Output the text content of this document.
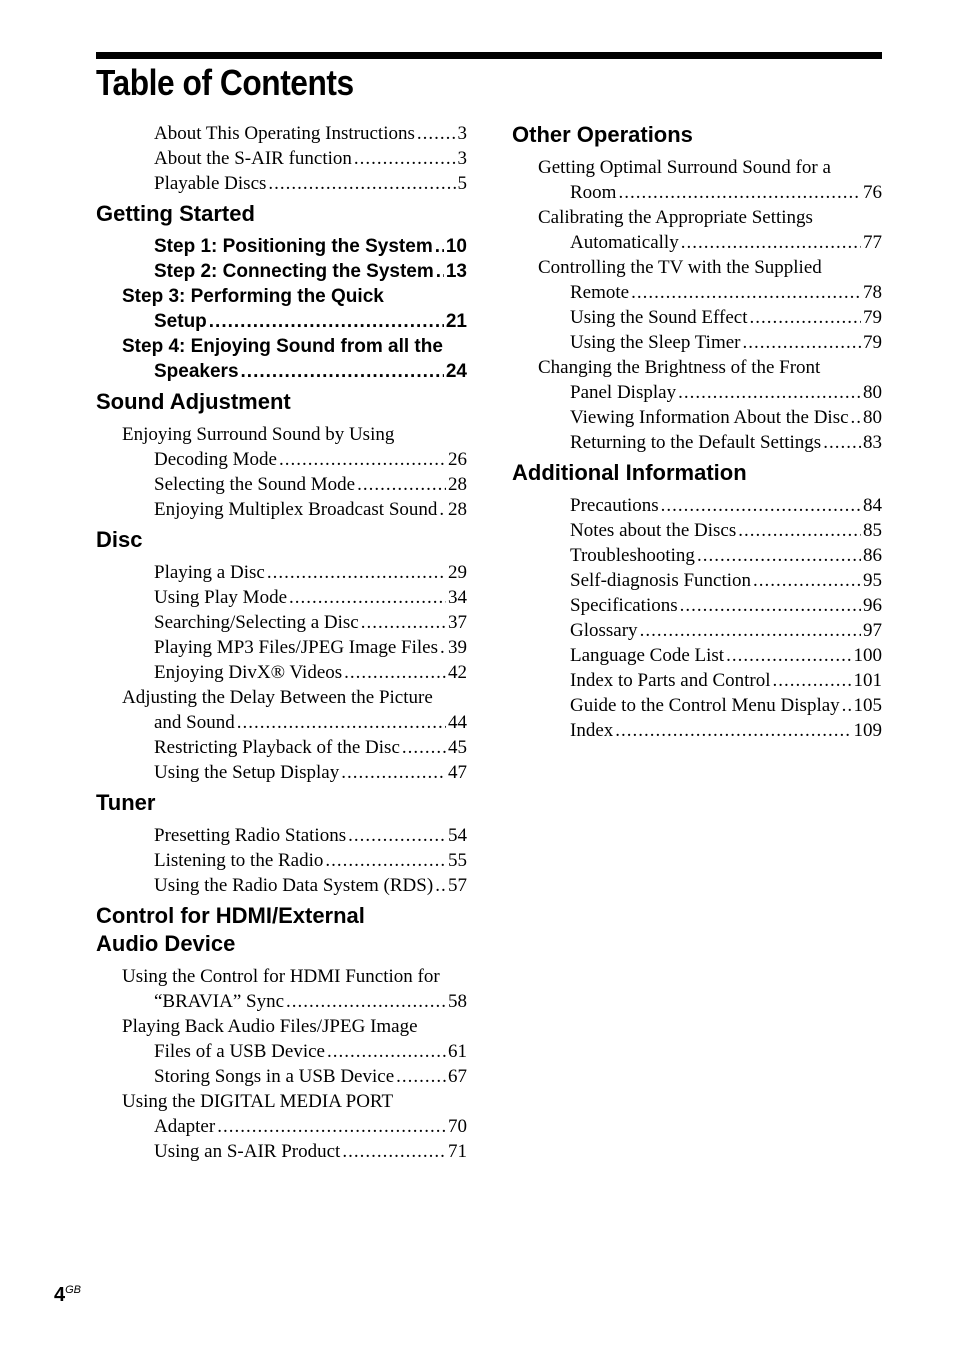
Table of Contents
About This Operating Instructions ..... 3
About the S-AIR function .....	3
Playable Discs .....	5
Getting Started
Step 1: Positioning the System ..... 10
Step 2: Connecting the System ..... 13
Step 3: Performing the Quick
Setup .....	21
Step 4: Enjoying Sound from all the
Speakers .....	24
Sound Adjustment
Enjoying Surround Sound by Using
Decoding Mode .....	26
Selecting the Sound Mode .....	28
Enjoying Multiplex Broadcast Sound ..... 28
Disc
Playing a Disc .....	29
Using Play Mode .....	34
Searching/Selecting a Disc .....	37
Playing MP3 Files/JPEG Image Files ..... 39
Enjoying DivX® Videos .....	42
Adjusting the Delay Between the Picture
and Sound .....	44
Restricting Playback of the Disc .....	45
Using the Setup Display .....	47
Tuner
Presetting Radio Stations .....	54
Listening to the Radio .....	55
Using the Radio Data System (RDS) ..... 57
Control for HDMI/External
Audio Device
Using the Control for HDMI Function for
“BRAVIA” Sync .....	58
Playing Back Audio Files/JPEG Image
Files of a USB Device .....	61
Storing Songs in a USB Device .....	67
Using the DIGITAL MEDIA PORT
Adapter .....	70
Using an S-AIR Product .....	71
Other Operations
Getting Optimal Surround Sound for a
Room .....	76
Calibrating the Appropriate Settings
Automatically .....	77
Controlling the TV with the Supplied
Remote .....	78
Using the Sound Effect .....	79
Using the Sleep Timer .....	79
Changing the Brightness of the Front
Panel Display .....	80
Viewing Information About the Disc ..... 80
Returning to the Default Settings ..... 83
Additional Information
Precautions .....	84
Notes about the Discs .....	85
Troubleshooting .....	86
Self-diagnosis Function .....	95
Specifications .....	96
Glossary .....	97
Language Code List .....	100
Index to Parts and Control .....	101
Guide to the Control Menu Display ..... 105
Index .....	109
$4^{GB}$
